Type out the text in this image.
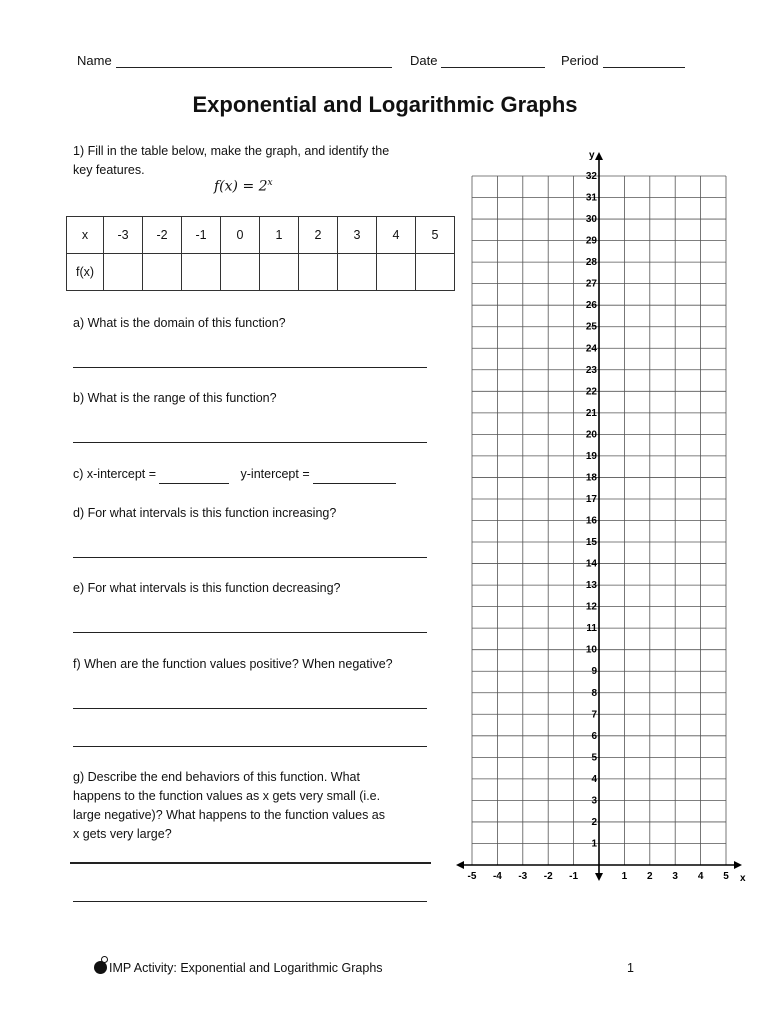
Name	Date	Period
Exponential and Logarithmic Graphs
1) Fill in the table below, make the graph, and identify the
key features.
$f(x) = 2^x$
x	-3	-2	-1	0	1	2	3	4	5
f(x)									
a) What is the domain of this function?
b) What is the range of this function?
c) x-intercept =	y-intercept =
d) For what intervals is this function increasing?
e) For what intervals is this function decreasing?
f) When are the function values positive? When negative?
g) Describe the end behaviors of this function. What
happens to the function values as x gets very small (i.e.
large negative)? What happens to the function values as
x gets very large?
-5 -4 -3 -2 -1	1 2 3 4 5
1
2
3
4
5
6
7
8
9
10
11
12
13
14
15
16
17
18
19
20
21
22
23
24
25
26
27
28
29
30
31
32
x
y
IMP Activity: Exponential and Logarithmic Graphs	1
